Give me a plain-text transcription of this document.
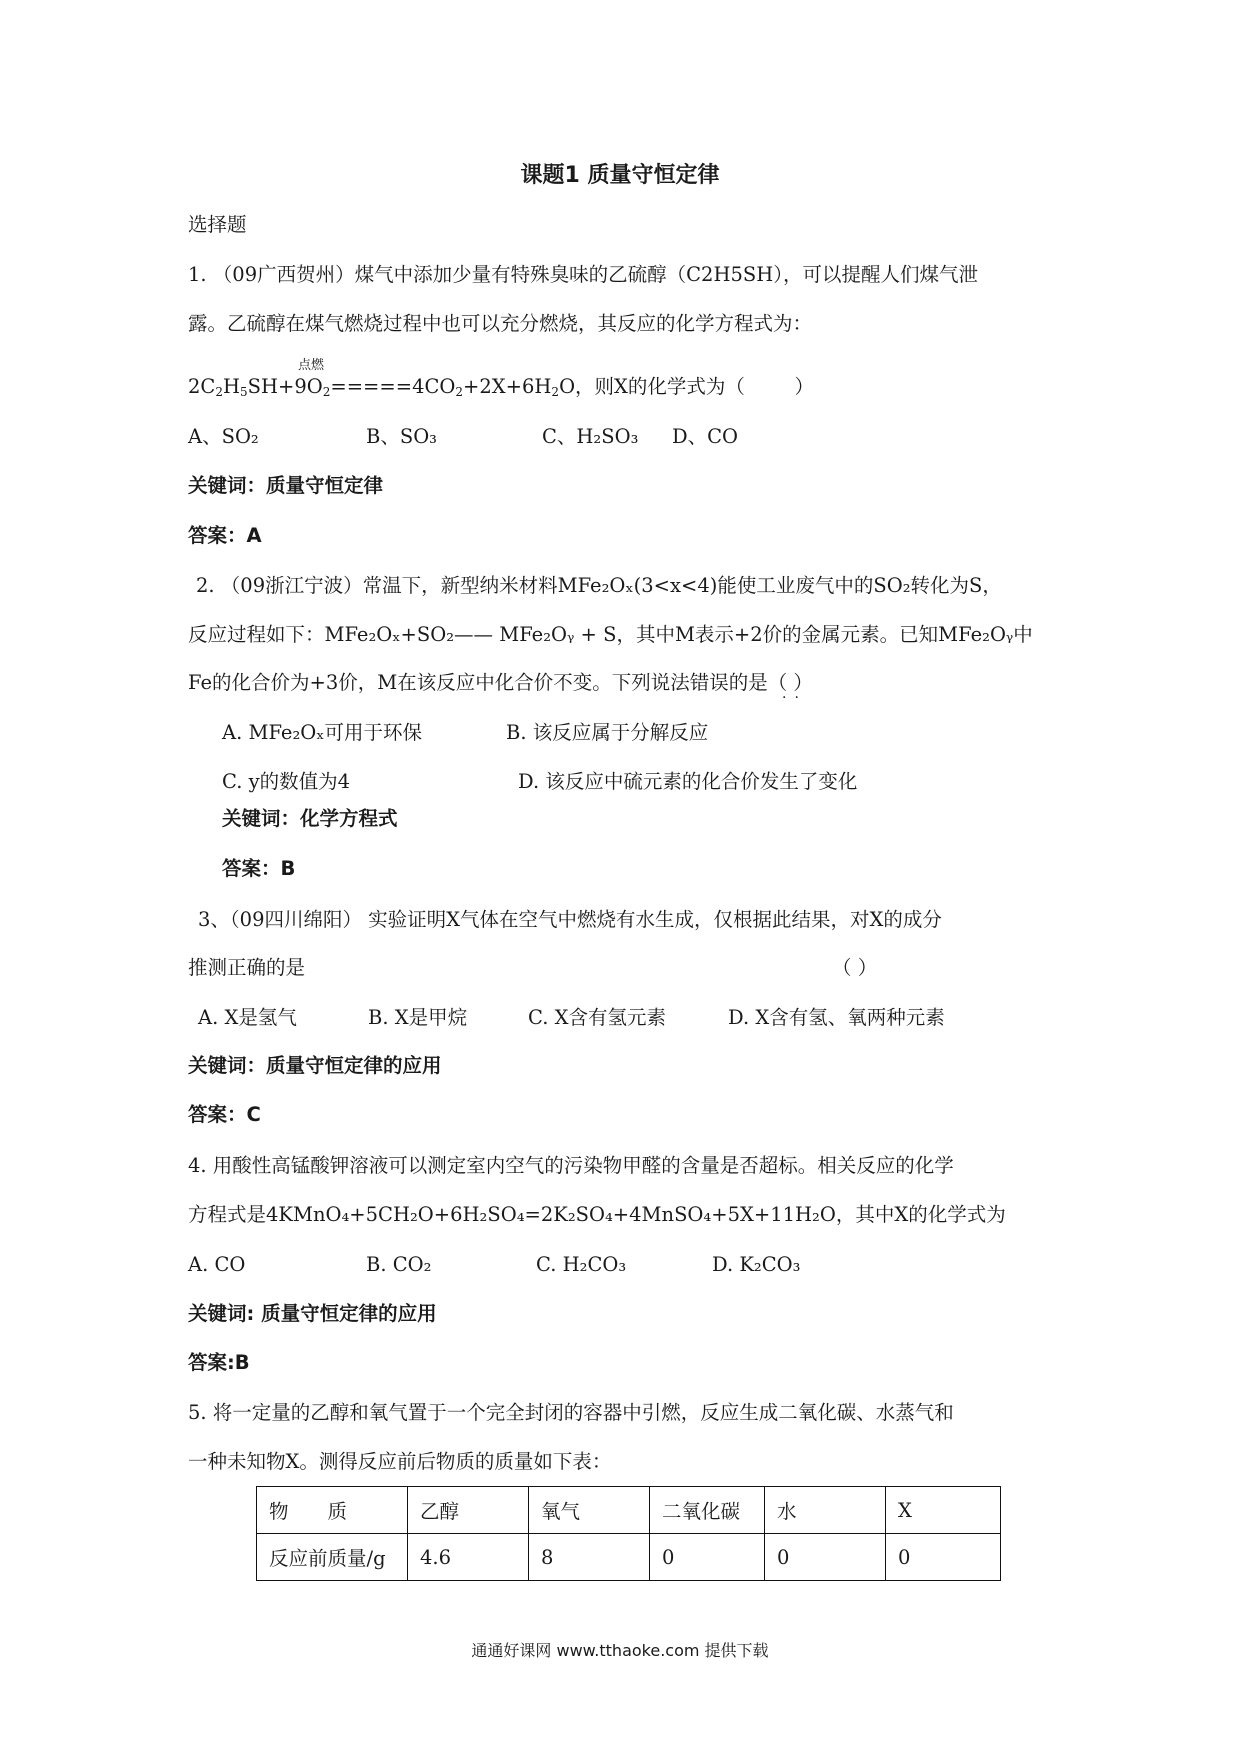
课题1 质量守恒定律
选择题
1. （09广西贺州）煤气中添加少量有特殊臭味的乙硫醇（C2H5SH），可以提醒人们煤气泄
露。乙硫醇在煤气燃烧过程中也可以充分燃烧，其反应的化学方程式为：
点燃
$2C_2H_5SH+9O_2=====4CO_2+2X+6H_2O$，则X的化学式为（        ）
A、SO₂	B、SO₃	C、H₂SO₃ D、CO
关键词：质量守恒定律
答案：A
2. （09浙江宁波）常温下，新型纳米材料MFe₂Oₓ(3<x<4)能使工业废气中的SO₂转化为S，
反应过程如下：MFe₂Oₓ+SO₂—— MFe₂Oᵧ + S，其中M表示+2价的金属元素。已知MFe₂Oᵧ中
Fe的化合价为+3价，M在该反应中化合价不变。下列说法错误的是（ ）
··
A. MFe₂Oₓ可用于环保	B. 该反应属于分解反应
C. y的数值为4	D. 该反应中硫元素的化合价发生了变化
关键词：化学方程式
答案：B
3、（09四川绵阳） 实验证明X气体在空气中燃烧有水生成，仅根据此结果，对X的成分
推测正确的是	（ ）
A. X是氢气	B. X是甲烷	C. X含有氢元素	D. X含有氢、氧两种元素
关键词：质量守恒定律的应用
答案：C
4. 用酸性高锰酸钾溶液可以测定室内空气的污染物甲醛的含量是否超标。相关反应的化学
方程式是4KMnO₄+5CH₂O+6H₂SO₄=2K₂SO₄+4MnSO₄+5X+11H₂O，其中X的化学式为
A. CO	B. CO₂	C. H₂CO₃	D. K₂CO₃
关键词: 质量守恒定律的应用
答案:B
5. 将一定量的乙醇和氧气置于一个完全封闭的容器中引燃，反应生成二氧化碳、水蒸气和
一种未知物X。测得反应前后物质的质量如下表：
物　　质	乙醇	氧气	二氧化碳	水	X
反应前质量/g	4.6	8	0	0	0
通通好课网 www.tthaoke.com 提供下载
